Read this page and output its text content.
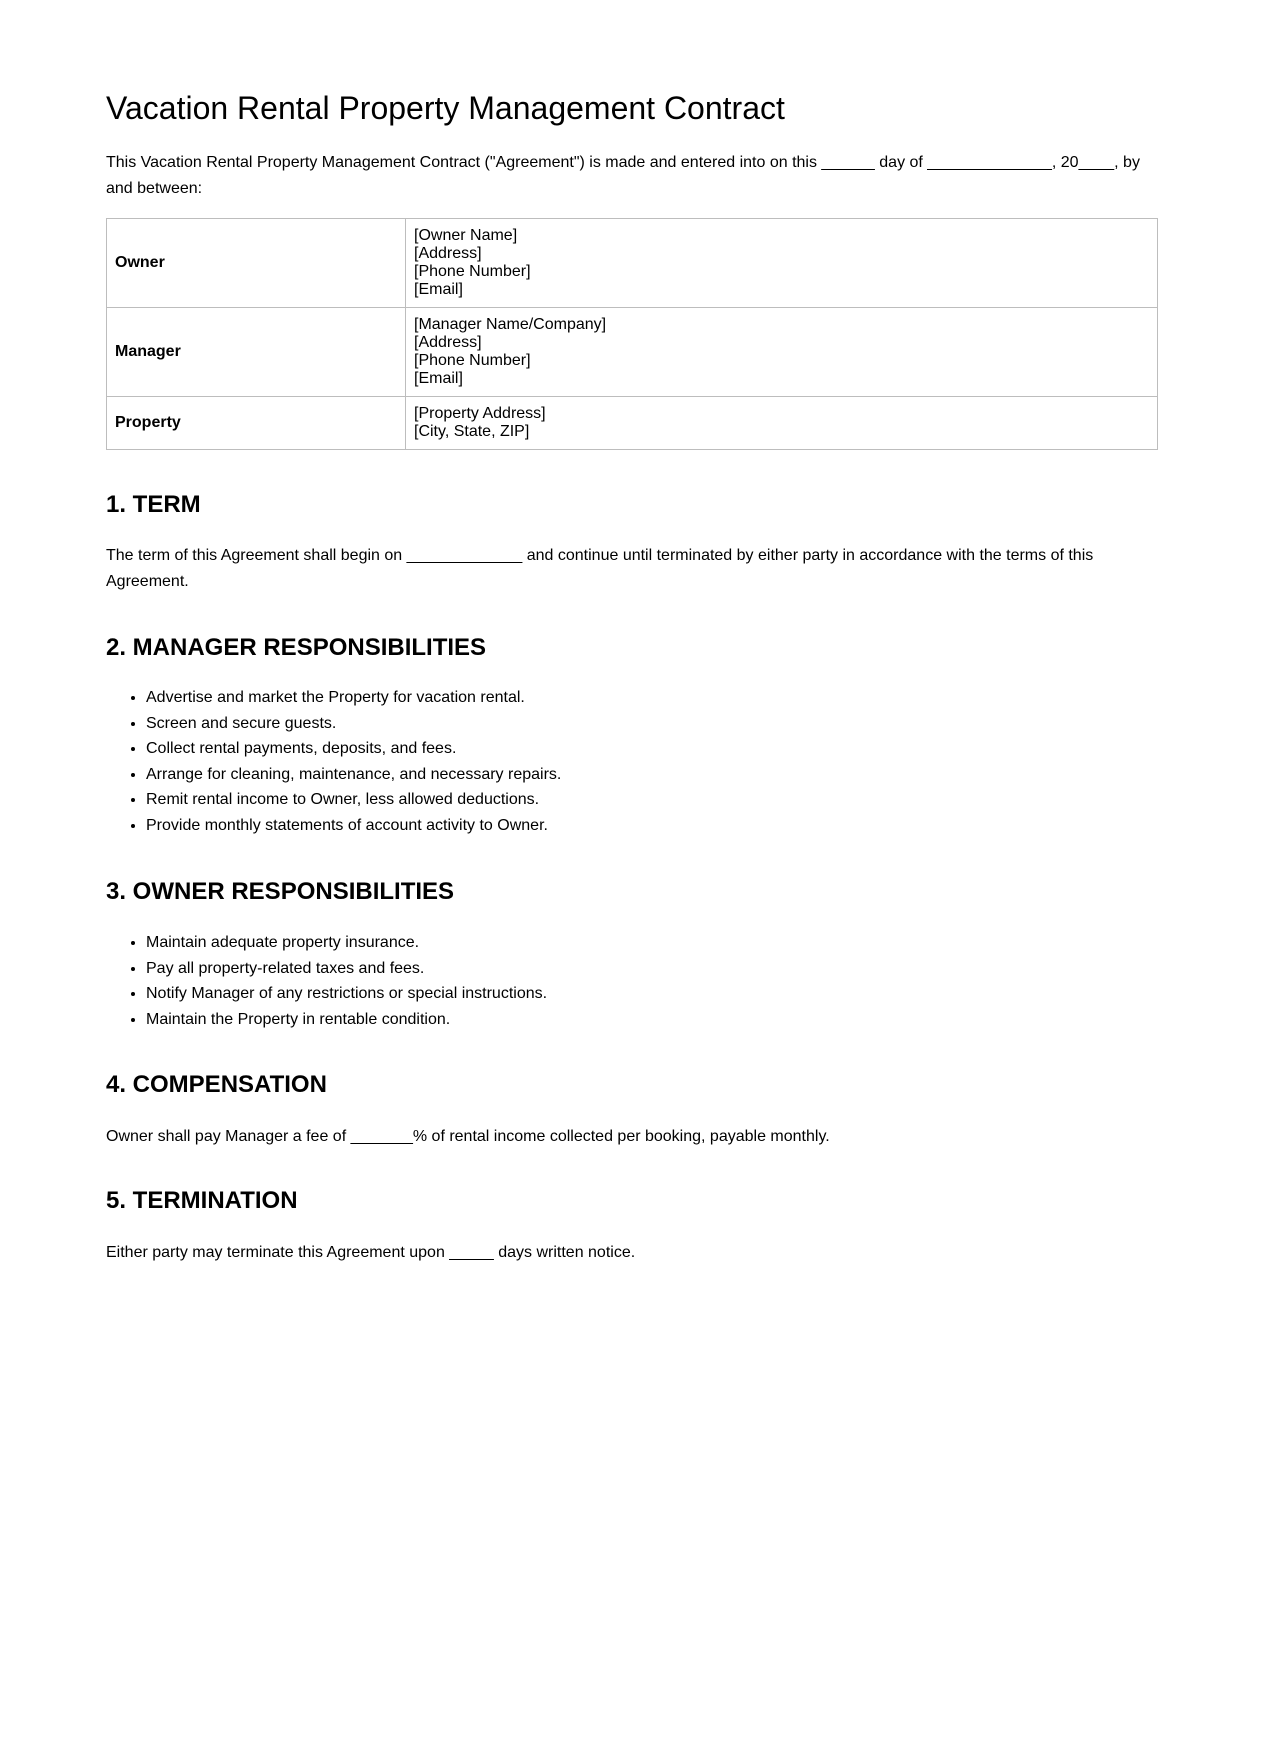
Vacation Rental Property Management Contract

This Vacation Rental Property Management Contract ("Agreement") is made and entered into on this ______ day of ______________, 20____, by and between:

Owner	[Owner Name]
[Address]
[Phone Number]
[Email]

Manager	[Manager Name/Company]
[Address]
[Phone Number]
[Email]

Property	[Property Address]
[City, State, ZIP]
1. TERM

The term of this Agreement shall begin on _____________ and continue until terminated by either party in accordance with the terms of this Agreement.

2. MANAGER RESPONSIBILITIES
• Advertise and market the Property for vacation rental.
• Screen and secure guests.
• Collect rental payments, deposits, and fees.
• Arrange for cleaning, maintenance, and necessary repairs.
• Remit rental income to Owner, less allowed deductions.
• Provide monthly statements of account activity to Owner.
3. OWNER RESPONSIBILITIES
• Maintain adequate property insurance.
• Pay all property-related taxes and fees.
• Notify Manager of any restrictions or special instructions.
• Maintain the Property in rentable condition.
4. COMPENSATION

Owner shall pay Manager a fee of _______% of rental income collected per booking, payable monthly.

5. TERMINATION

Either party may terminate this Agreement upon _____ days written notice.
